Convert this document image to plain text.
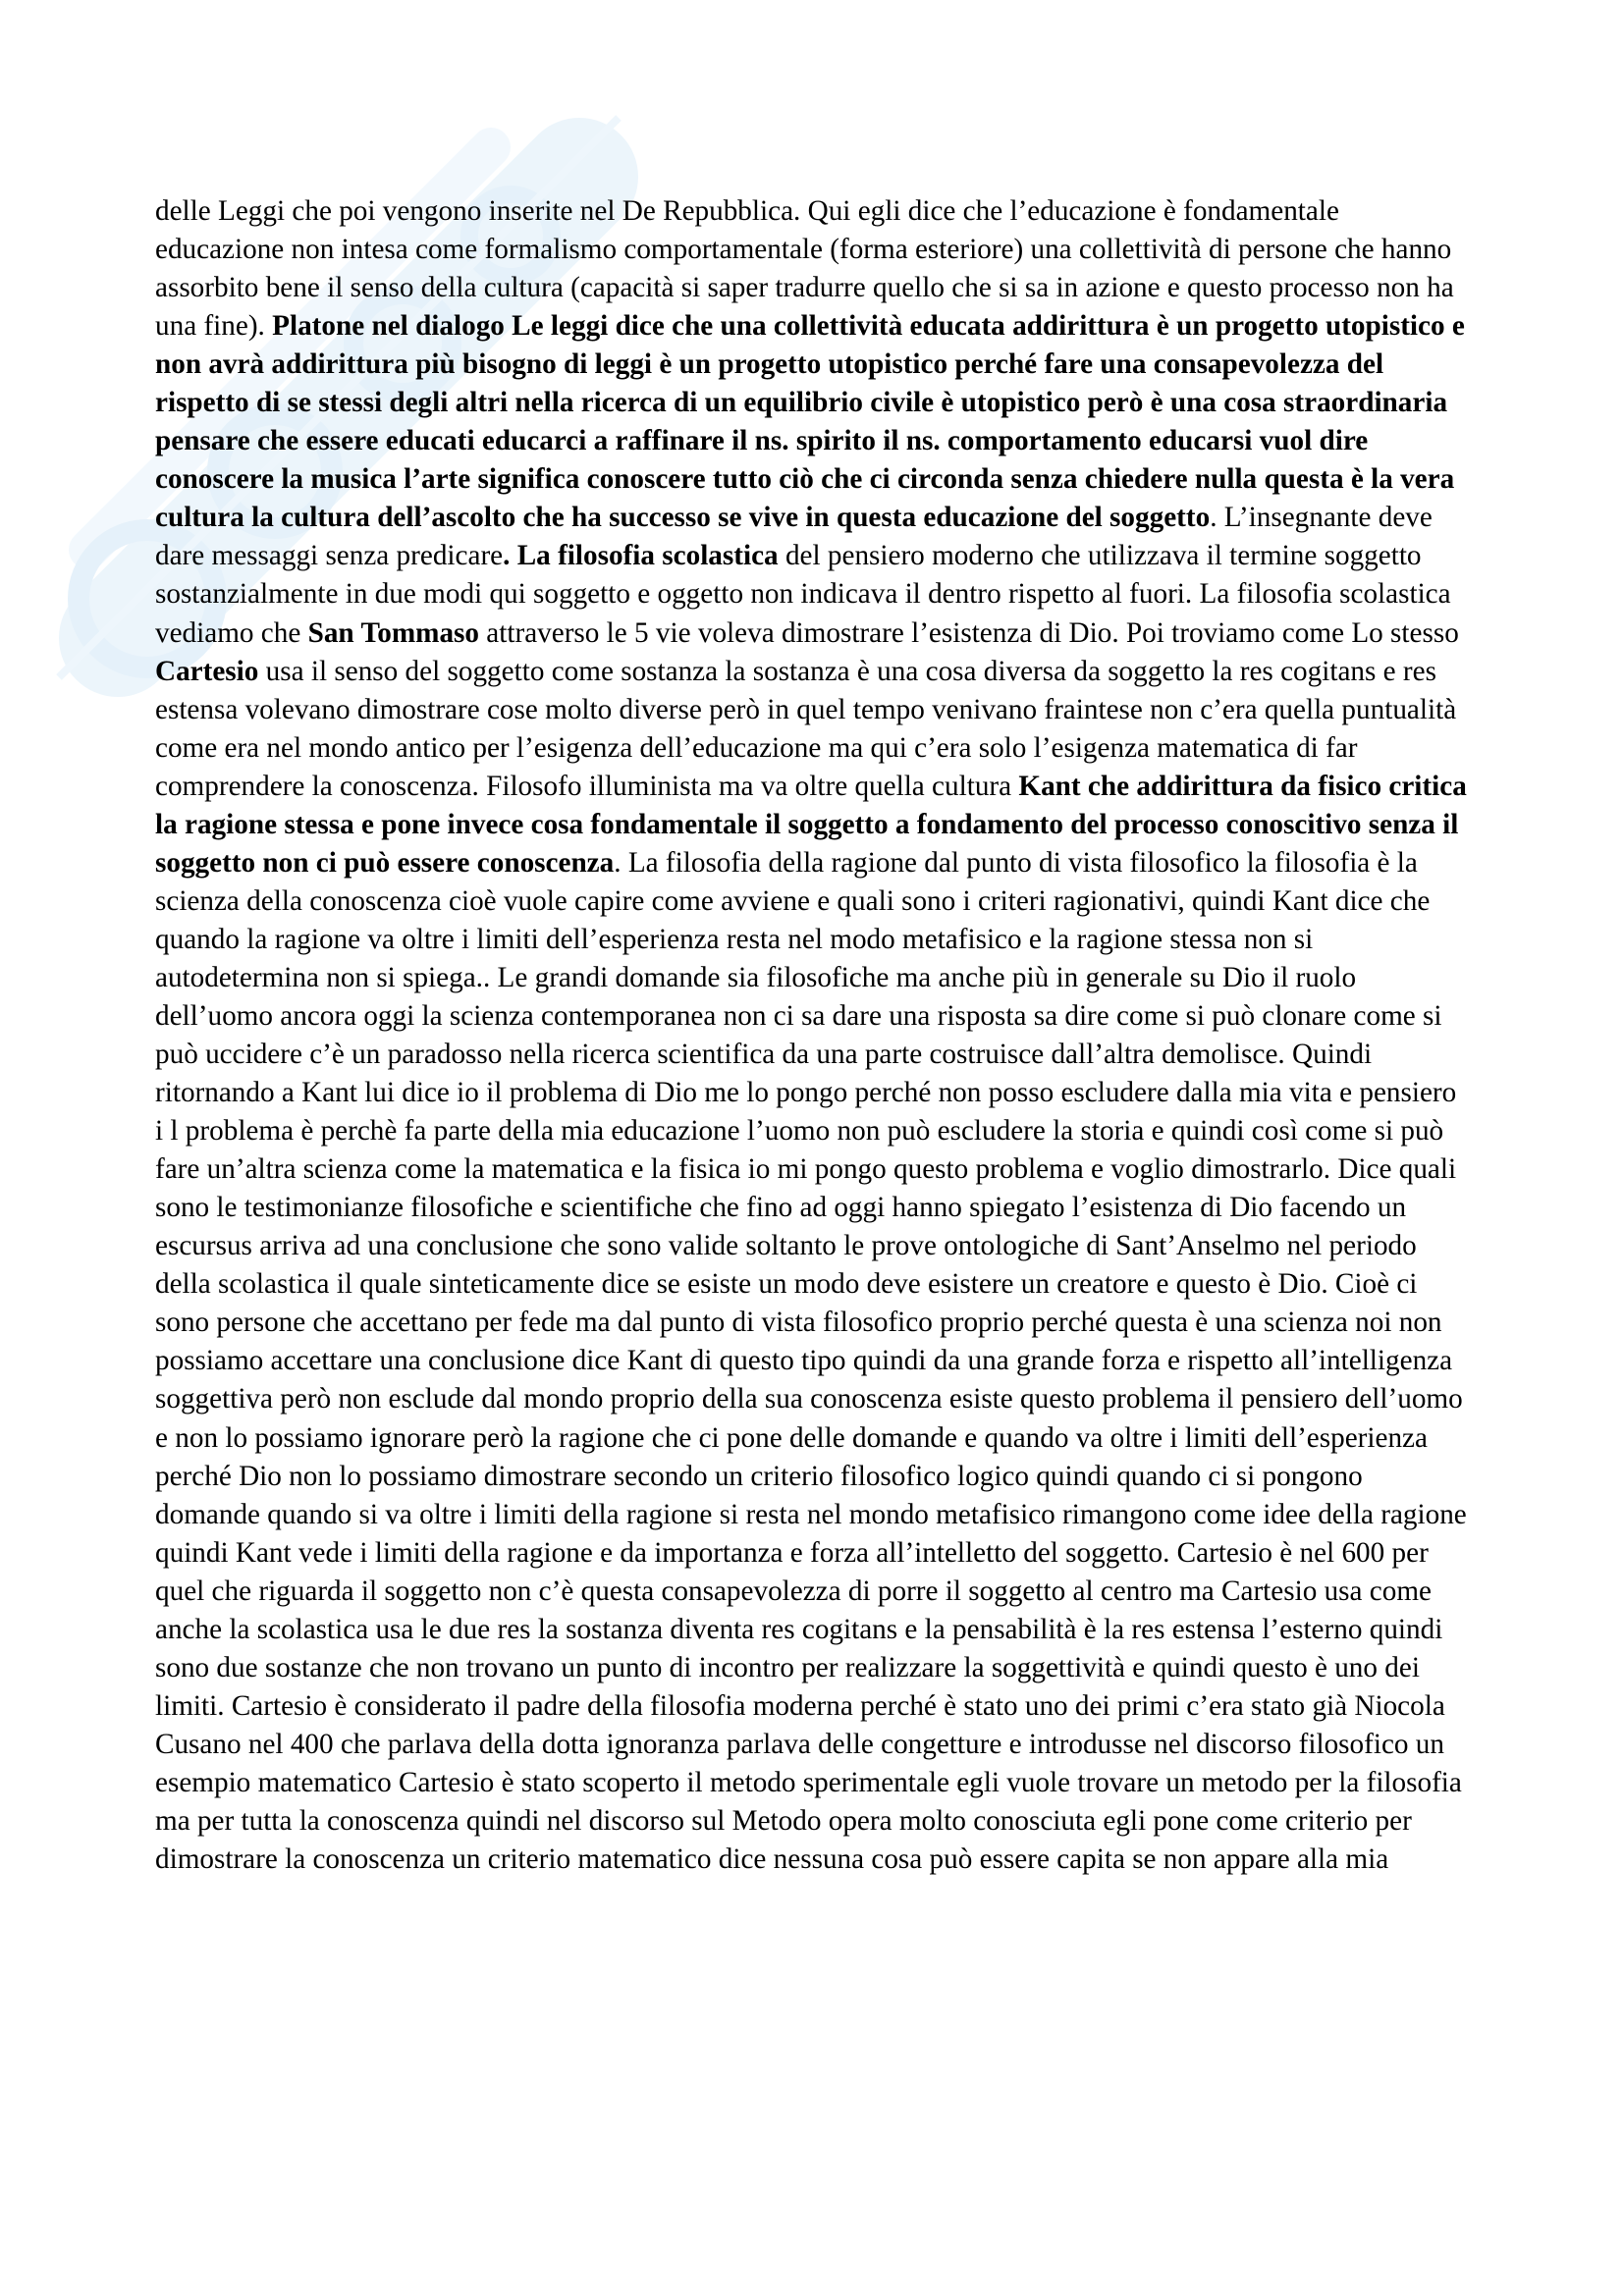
delle Leggi che poi vengono inserite nel De Repubblica. Qui egli dice che l’educazione è fondamentale educazione non intesa come formalismo comportamentale (forma esteriore) una collettività di persone che hanno assorbito bene il senso della cultura (capacità si saper tradurre quello che si sa in azione e questo processo non ha una fine). Platone nel dialogo Le leggi dice che una collettività educata addirittura è un progetto utopistico e non avrà addirittura più bisogno di leggi è un progetto utopistico perché fare una consapevolezza del rispetto di se stessi degli altri nella ricerca di un equilibrio civile è utopistico però è una cosa straordinaria pensare che essere educati educarci a raffinare il ns. spirito il ns. comportamento educarsi vuol dire conoscere la musica l’arte significa conoscere tutto ciò che ci circonda senza chiedere nulla questa è la vera cultura la cultura dell’ascolto che ha successo se vive in questa educazione del soggetto. L’insegnante deve dare messaggi senza predicare. La filosofia scolastica del pensiero moderno che utilizzava il termine soggetto sostanzialmente in due modi qui soggetto e oggetto non indicava il dentro rispetto al fuori. La filosofia scolastica vediamo che San Tommaso attraverso le 5 vie voleva dimostrare l’esistenza di Dio. Poi troviamo come Lo stesso Cartesio usa il senso del soggetto come sostanza la sostanza è una cosa diversa da soggetto la res cogitans e res estensa volevano dimostrare cose molto diverse però in quel tempo venivano fraintese non c’era quella puntualità come era nel mondo antico per l’esigenza dell’educazione ma qui c’era solo l’esigenza matematica di far comprendere la conoscenza. Filosofo illuminista ma va oltre quella cultura Kant che addirittura da fisico critica la ragione stessa e pone invece cosa fondamentale il soggetto a fondamento del processo conoscitivo senza il soggetto non ci può essere conoscenza. La filosofia della ragione dal punto di vista filosofico la filosofia è la scienza della conoscenza cioè vuole capire come avviene e quali sono i criteri ragionativi, quindi Kant dice che quando la ragione va oltre i limiti dell’esperienza resta nel modo metafisico e la ragione stessa non si autodetermina non si spiega.. Le grandi domande sia filosofiche ma anche più in generale su Dio il ruolo dell’uomo ancora oggi la scienza contemporanea non ci sa dare una risposta sa dire come si può clonare come si può uccidere c’è un paradosso nella ricerca scientifica da una parte costruisce dall’altra demolisce. Quindi ritornando a Kant lui dice io il problema di Dio me lo pongo perché non posso escludere dalla mia vita e pensiero i l problema è perchè fa parte della mia educazione l’uomo non può escludere la storia e quindi così come si può fare un’altra scienza come la matematica e la fisica io mi pongo questo problema e voglio dimostrarlo. Dice quali sono le testimonianze filosofiche e scientifiche che fino ad oggi hanno spiegato l’esistenza di Dio facendo un escursus arriva ad una conclusione che sono valide soltanto le prove ontologiche di Sant’Anselmo nel periodo della scolastica il quale sinteticamente dice se esiste un modo deve esistere un creatore e questo è Dio. Cioè ci sono persone che accettano per fede ma dal punto di vista filosofico proprio perché questa è una scienza noi non possiamo accettare una conclusione dice Kant di questo tipo quindi da una grande forza e rispetto all’intelligenza soggettiva però non esclude dal mondo proprio della sua conoscenza esiste questo problema il pensiero dell’uomo e non lo possiamo ignorare però la ragione che ci pone delle domande e quando va oltre i limiti dell’esperienza perché Dio non lo possiamo dimostrare secondo un criterio filosofico logico quindi quando ci si pongono domande quando si va oltre i limiti della ragione si resta nel mondo metafisico rimangono come idee della ragione quindi Kant vede i limiti della ragione e da importanza e forza all’intelletto del soggetto. Cartesio è nel 600 per quel che riguarda il soggetto non c’è questa consapevolezza di porre il soggetto al centro ma Cartesio usa come anche la scolastica usa le due res la sostanza diventa res cogitans e la pensabilità è la res estensa l’esterno quindi sono due sostanze che non trovano un punto di incontro per realizzare la soggettività e quindi questo è uno dei limiti. Cartesio è considerato il padre della filosofia moderna perché è stato uno dei primi c’era stato già Niocola Cusano nel 400 che parlava della dotta ignoranza parlava delle congetture e introdusse nel discorso filosofico un esempio matematico Cartesio è stato scoperto il metodo sperimentale egli vuole trovare un metodo per la filosofia ma per tutta la conoscenza quindi nel discorso sul Metodo opera molto conosciuta egli pone come criterio per dimostrare la conoscenza un criterio matematico dice nessuna cosa può essere capita se non appare alla mia
